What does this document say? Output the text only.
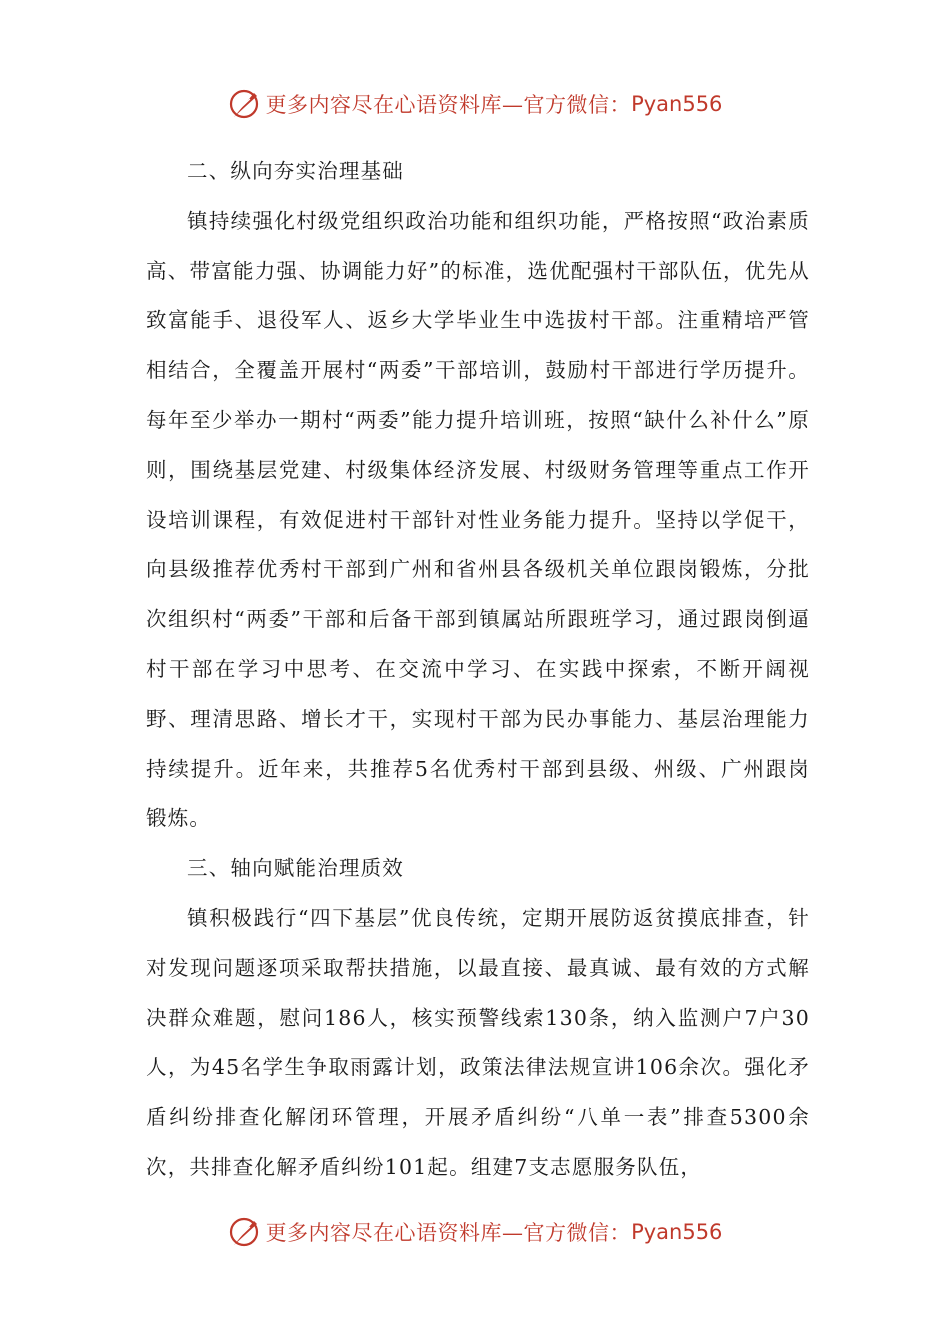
更多内容尽在心语资料库—官方微信： Pyan556

二、纵向夯实治理基础

镇持续强化村级党组织政治功能和组织功能，严格按照“政治素质高、带富能力强、协调能力好”的标准，选优配强村干部队伍，优先从致富能手、退役军人、返乡大学毕业生中选拔村干部。注重精培严管相结合，全覆盖开展村“两委”干部培训，鼓励村干部进行学历提升。每年至少举办一期村“两委”能力提升培训班，按照“缺什么补什么”原则，围绕基层党建、村级集体经济发展、村级财务管理等重点工作开设培训课程，有效促进村干部针对性业务能力提升。坚持以学促干，向县级推荐优秀村干部到广州和省州县各级机关单位跟岗锻炼，分批次组织村“两委”干部和后备干部到镇属站所跟班学习，通过跟岗倒逼村干部在学习中思考、在交流中学习、在实践中探索，不断开阔视野、理清思路、增长才干，实现村干部为民办事能力、基层治理能力持续提升。近年来，共推荐5名优秀村干部到县级、州级、广州跟岗锻炼。

三、轴向赋能治理质效

镇积极践行“四下基层”优良传统，定期开展防返贫摸底排查，针对发现问题逐项采取帮扶措施，以最直接、最真诚、最有效的方式解决群众难题，慰问186人，核实预警线索130条，纳入监测户7户30人，为45名学生争取雨露计划，政策法律法规宣讲106余次。强化矛盾纠纷排查化解闭环管理，开展矛盾纠纷“八单一表”排查5300余次，共排查化解矛盾纠纷101起。组建7支志愿服务队伍，

更多内容尽在心语资料库—官方微信： Pyan556
